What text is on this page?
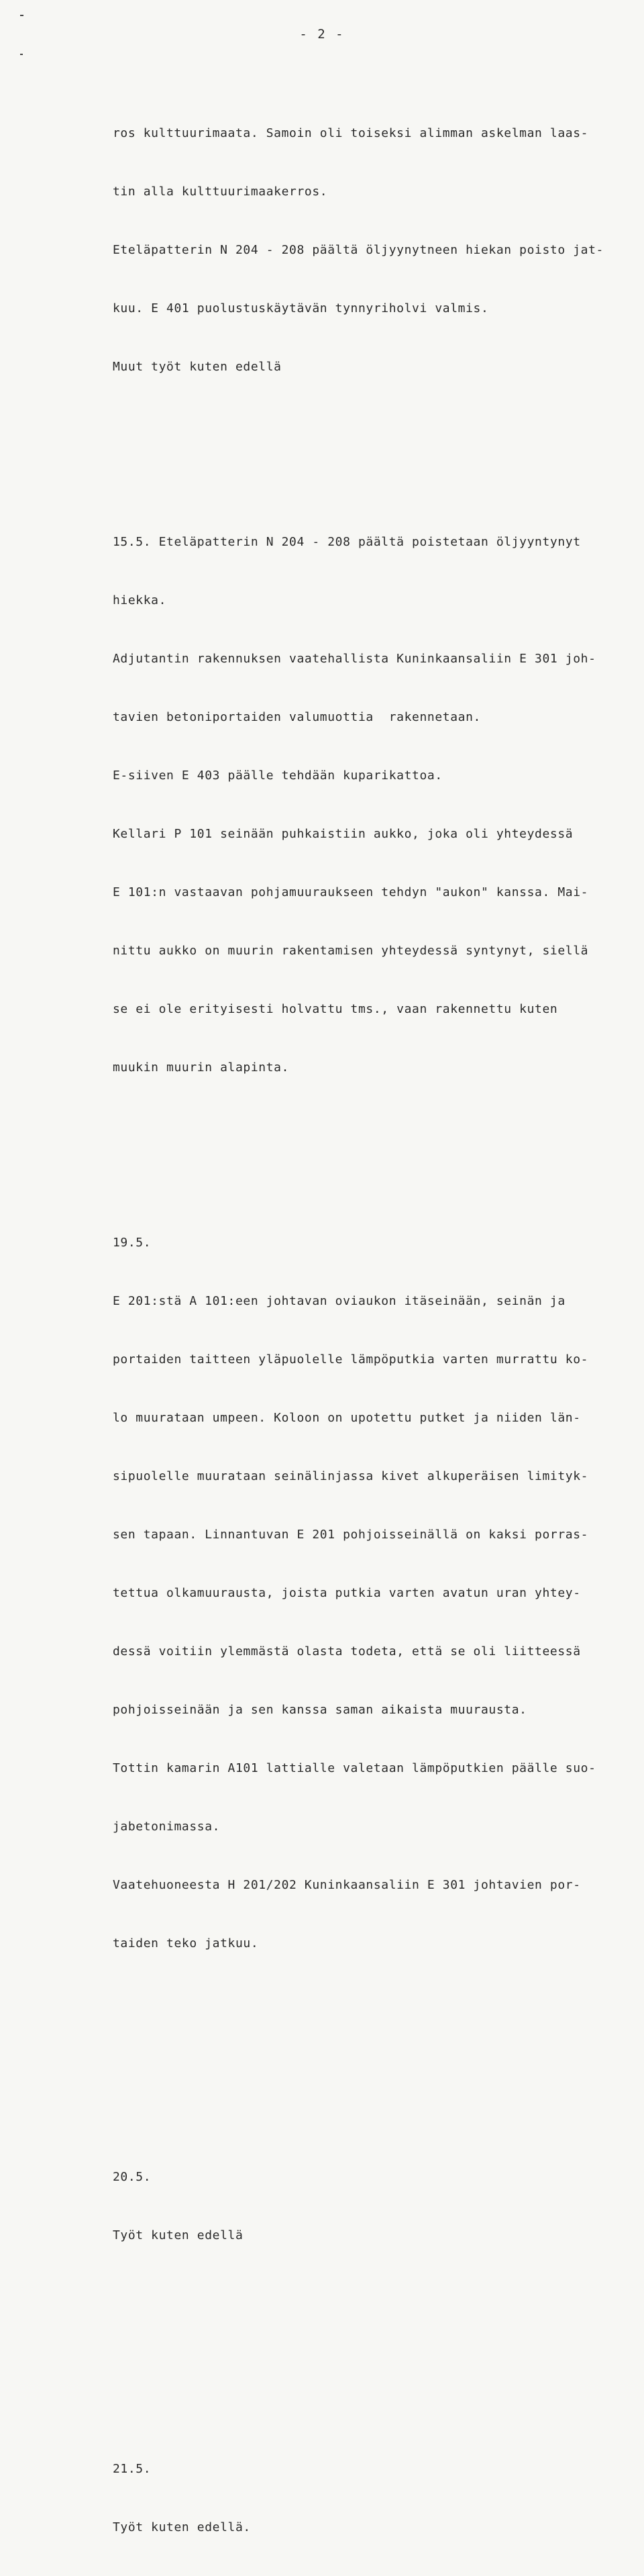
- 2 -

ros kulttuurimaata. Samoin oli toiseksi alimman askelman laas-

tin alla kulttuurimaakerros.

Eteläpatterin N 204 - 208 päältä öljyynytneen hiekan poisto jat-

kuu. E 401 puolustuskäytävän tynnyriholvi valmis.

Muut työt kuten edellä

15.5. Eteläpatterin N 204 - 208 päältä poistetaan öljyyntynyt

hiekka.

Adjutantin rakennuksen vaatehallista Kuninkaansaliin E 301 joh-

tavien betoniportaiden valumuottia  rakennetaan.

E-siiven E 403 päälle tehdään kuparikattoa.

Kellari P 101 seinään puhkaistiin aukko, joka oli yhteydessä

E 101:n vastaavan pohjamuuraukseen tehdyn "aukon" kanssa. Mai-

nittu aukko on muurin rakentamisen yhteydessä syntynyt, siellä

se ei ole erityisesti holvattu tms., vaan rakennettu kuten

muukin muurin alapinta.

19.5.

E 201:stä A 101:een johtavan oviaukon itäseinään, seinän ja

portaiden taitteen yläpuolelle lämpöputkia varten murrattu ko-

lo muurataan umpeen. Koloon on upotettu putket ja niiden län-

sipuolelle muurataan seinälinjassa kivet alkuperäisen limityk-

sen tapaan. Linnantuvan E 201 pohjoisseinällä on kaksi porras-

tettua olkamuurausta, joista putkia varten avatun uran yhtey-

dessä voitiin ylemmästä olasta todeta, että se oli liitteessä

pohjoisseinään ja sen kanssa saman aikaista muurausta.

Tottin kamarin A101 lattialle valetaan lämpöputkien päälle suo-

jabetonimassa.

Vaatehuoneesta H 201/202 Kuninkaansaliin E 301 johtavien por-

taiden teko jatkuu.

20.5.

Työt kuten edellä

21.5.

Työt kuten edellä.
